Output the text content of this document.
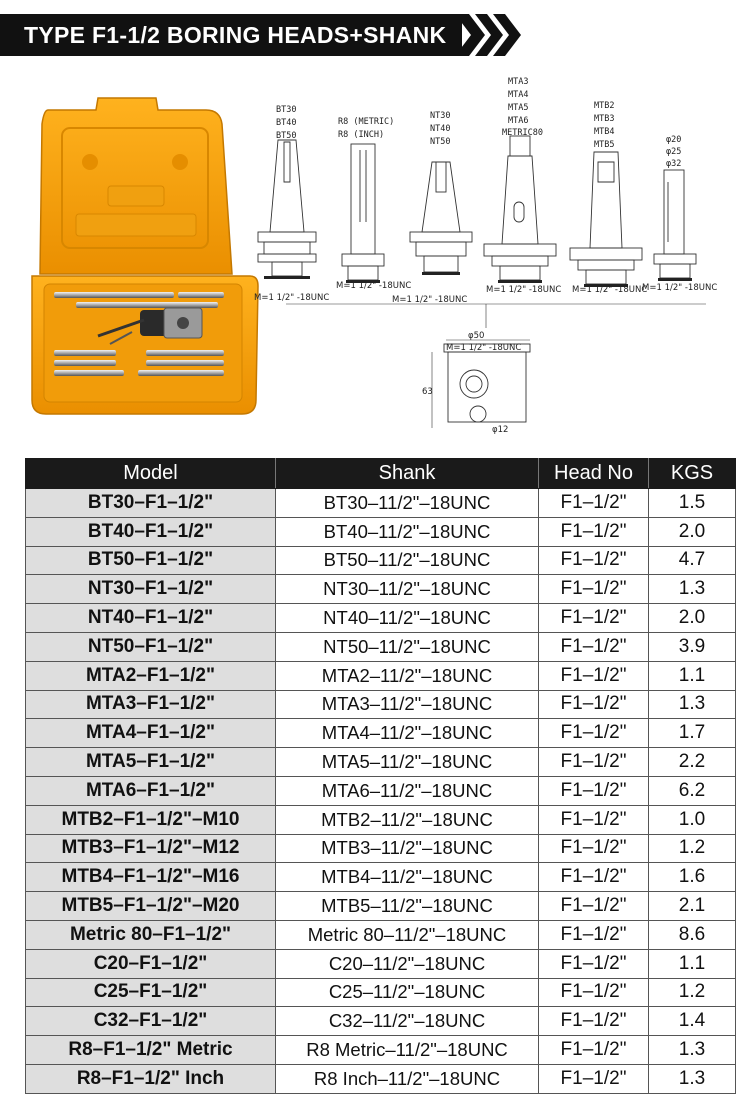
TYPE F1-1/2 BORING HEADS+SHANK
BT30
BT40
BT50
R8 (METRIC)
R8 (INCH)
NT30
NT40
NT50
MTA3
MTA4
MTA5
MTA6
METRIC80
MTB2
MTB3
MTB4
MTB5	φ20
φ25
φ32
M=1 1/2" -18UNC
M=1 1/2" -18UNC
M=1 1/2" -18UNC
M=1 1/2" -18UNC M=1 1/2" -18UNC
M=1 1/2" -18UNC
φ50
M=1 1/2" -18UNC
63
φ12
Model	Shank	Head No	KGS
BT30–F1–1/2"	BT30–11/2"–18UNC	F1–1/2"	1.5
BT40–F1–1/2"	BT40–11/2"–18UNC	F1–1/2"	2.0
BT50–F1–1/2"	BT50–11/2"–18UNC	F1–1/2"	4.7
NT30–F1–1/2"	NT30–11/2"–18UNC	F1–1/2"	1.3
NT40–F1–1/2"	NT40–11/2"–18UNC	F1–1/2"	2.0
NT50–F1–1/2"	NT50–11/2"–18UNC	F1–1/2"	3.9
MTA2–F1–1/2"	MTA2–11/2"–18UNC	F1–1/2"	1.1
MTA3–F1–1/2"	MTA3–11/2"–18UNC	F1–1/2"	1.3
MTA4–F1–1/2"	MTA4–11/2"–18UNC	F1–1/2"	1.7
MTA5–F1–1/2"	MTA5–11/2"–18UNC	F1–1/2"	2.2
MTA6–F1–1/2"	MTA6–11/2"–18UNC	F1–1/2"	6.2
MTB2–F1–1/2"–M10	MTB2–11/2"–18UNC	F1–1/2"	1.0
MTB3–F1–1/2"–M12	MTB3–11/2"–18UNC	F1–1/2"	1.2
MTB4–F1–1/2"–M16	MTB4–11/2"–18UNC	F1–1/2"	1.6
MTB5–F1–1/2"–M20	MTB5–11/2"–18UNC	F1–1/2"	2.1
Metric 80–F1–1/2"	Metric 80–11/2"–18UNC	F1–1/2"	8.6
C20–F1–1/2"	C20–11/2"–18UNC	F1–1/2"	1.1
C25–F1–1/2"	C25–11/2"–18UNC	F1–1/2"	1.2
C32–F1–1/2"	C32–11/2"–18UNC	F1–1/2"	1.4
R8–F1–1/2" Metric	R8 Metric–11/2"–18UNC	F1–1/2"	1.3
R8–F1–1/2" Inch	R8 Inch–11/2"–18UNC	F1–1/2"	1.3
